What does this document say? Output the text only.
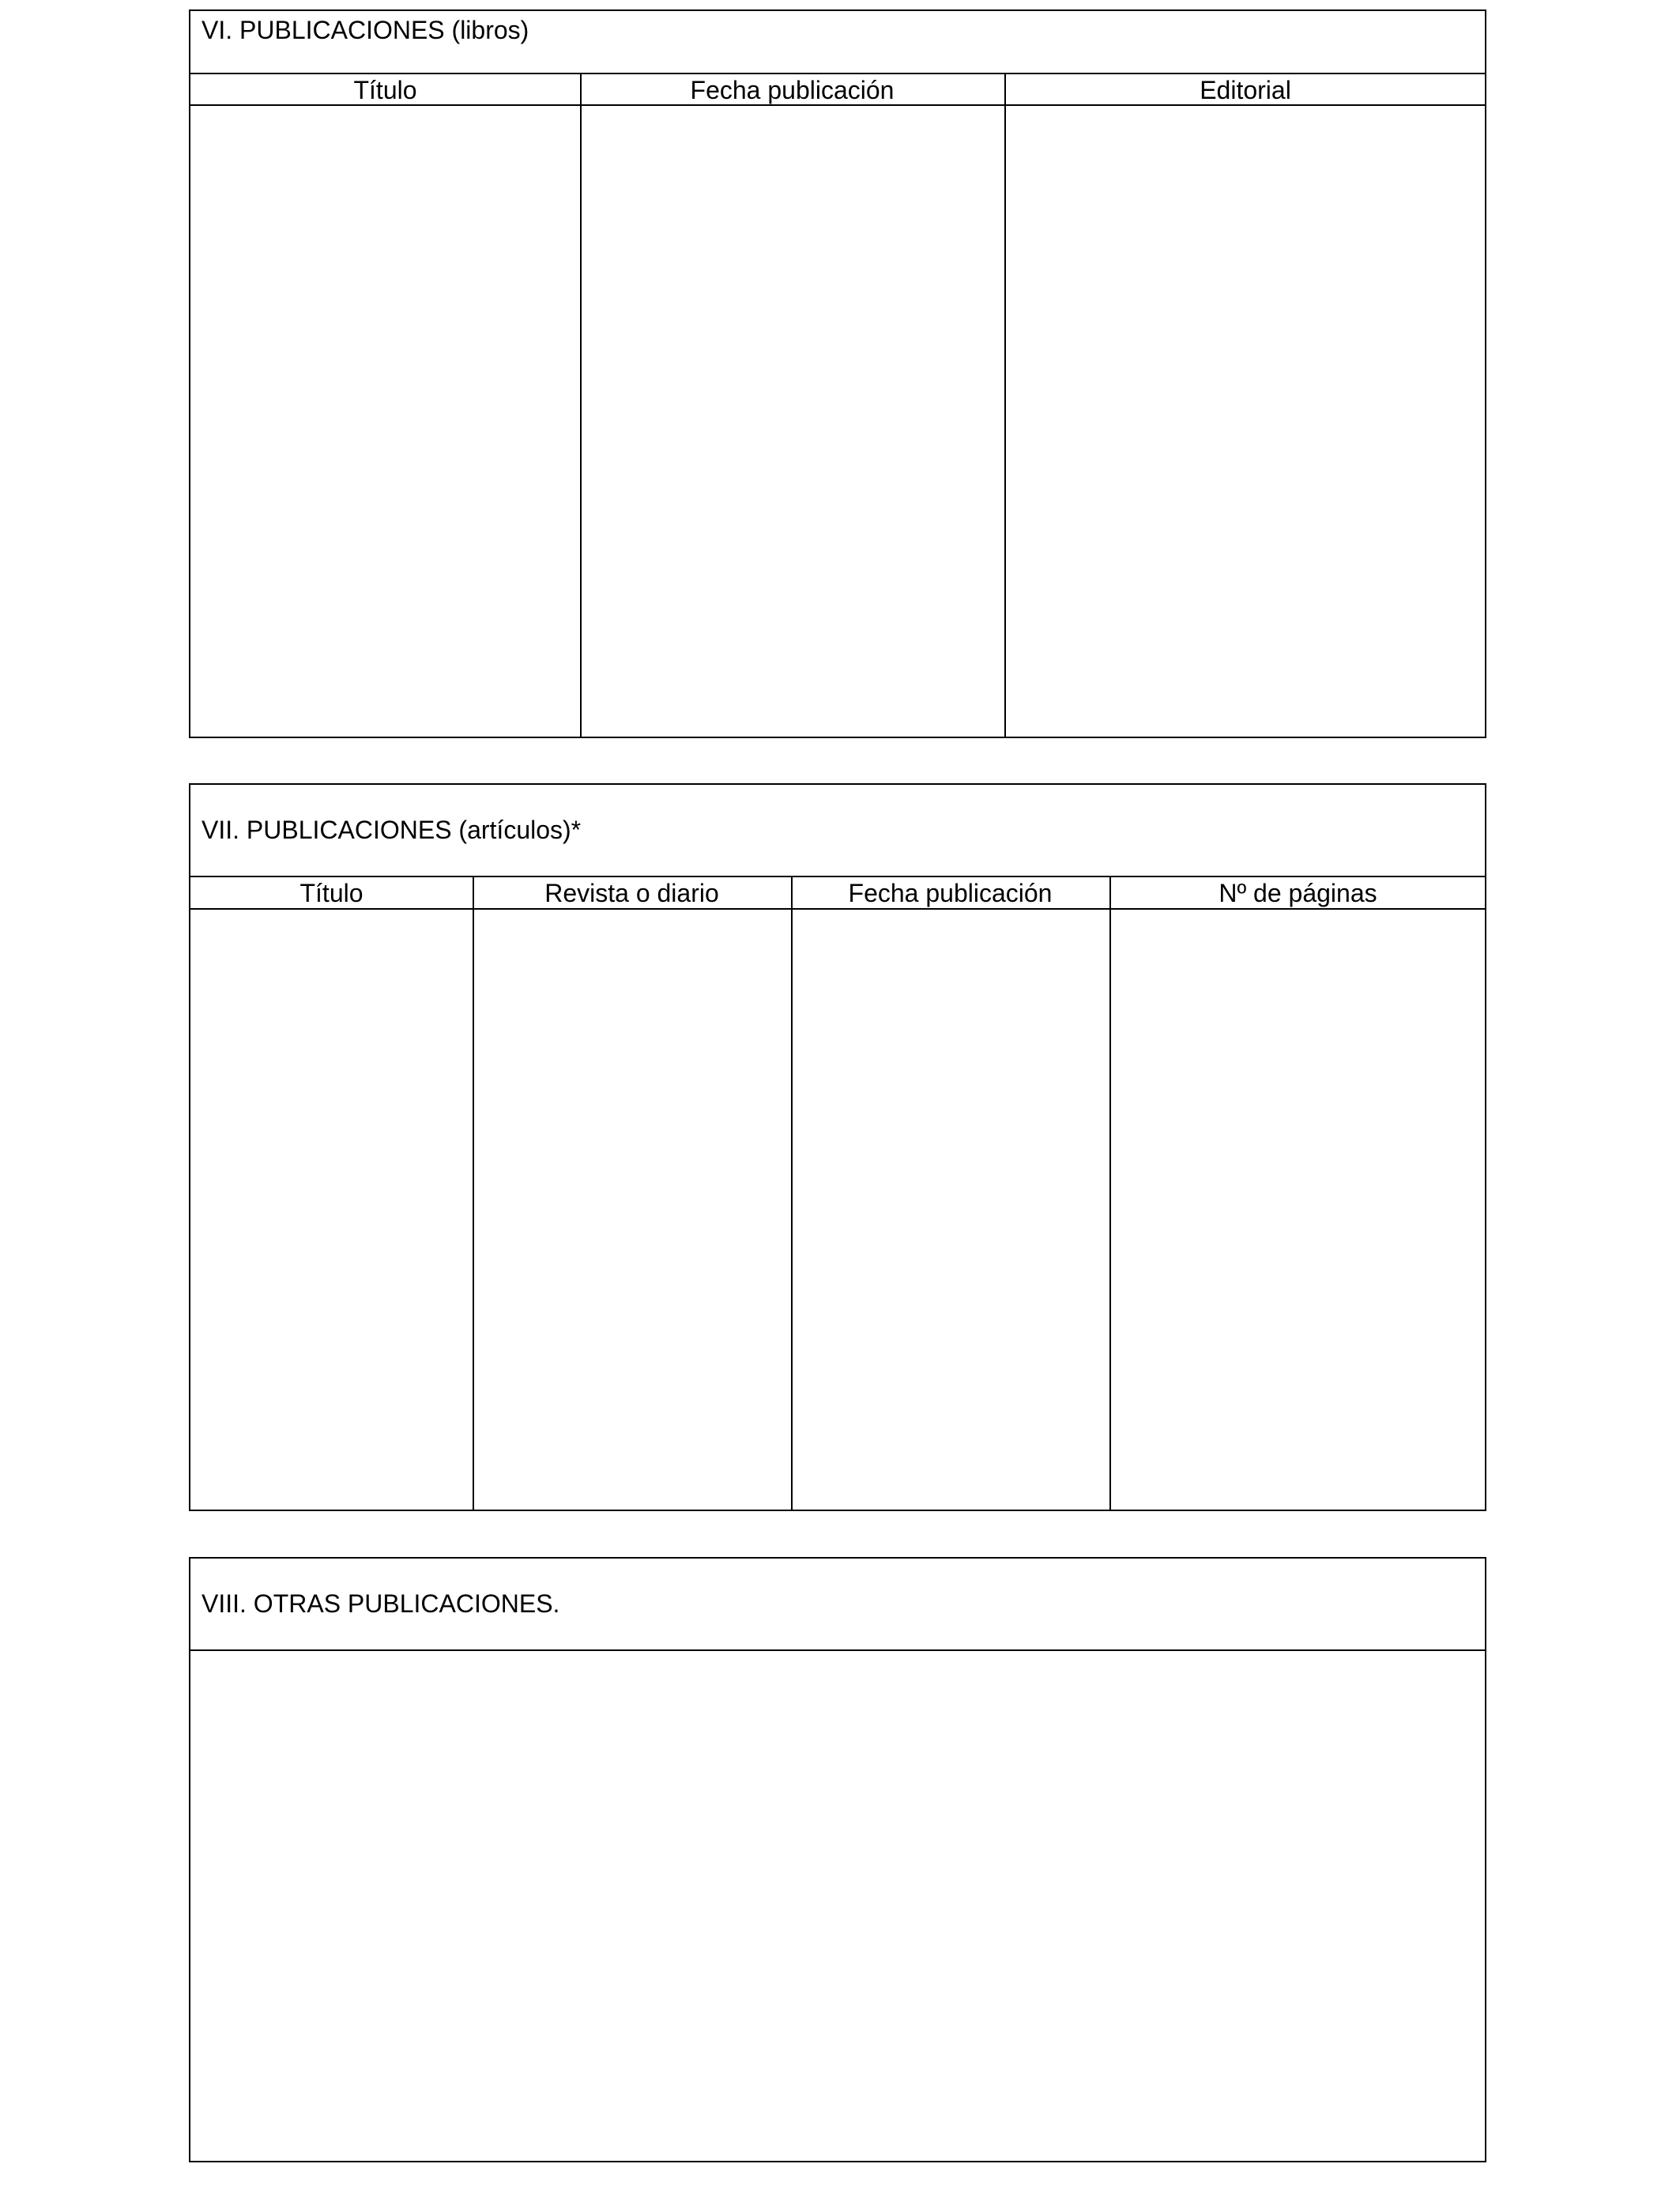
VI. PUBLICACIONES (libros)
Título	Fecha publicación	Editorial
VII. PUBLICACIONES (artículos)*
Título	Revista o diario	Fecha publicación	Nº de páginas
VIII. OTRAS PUBLICACIONES.
